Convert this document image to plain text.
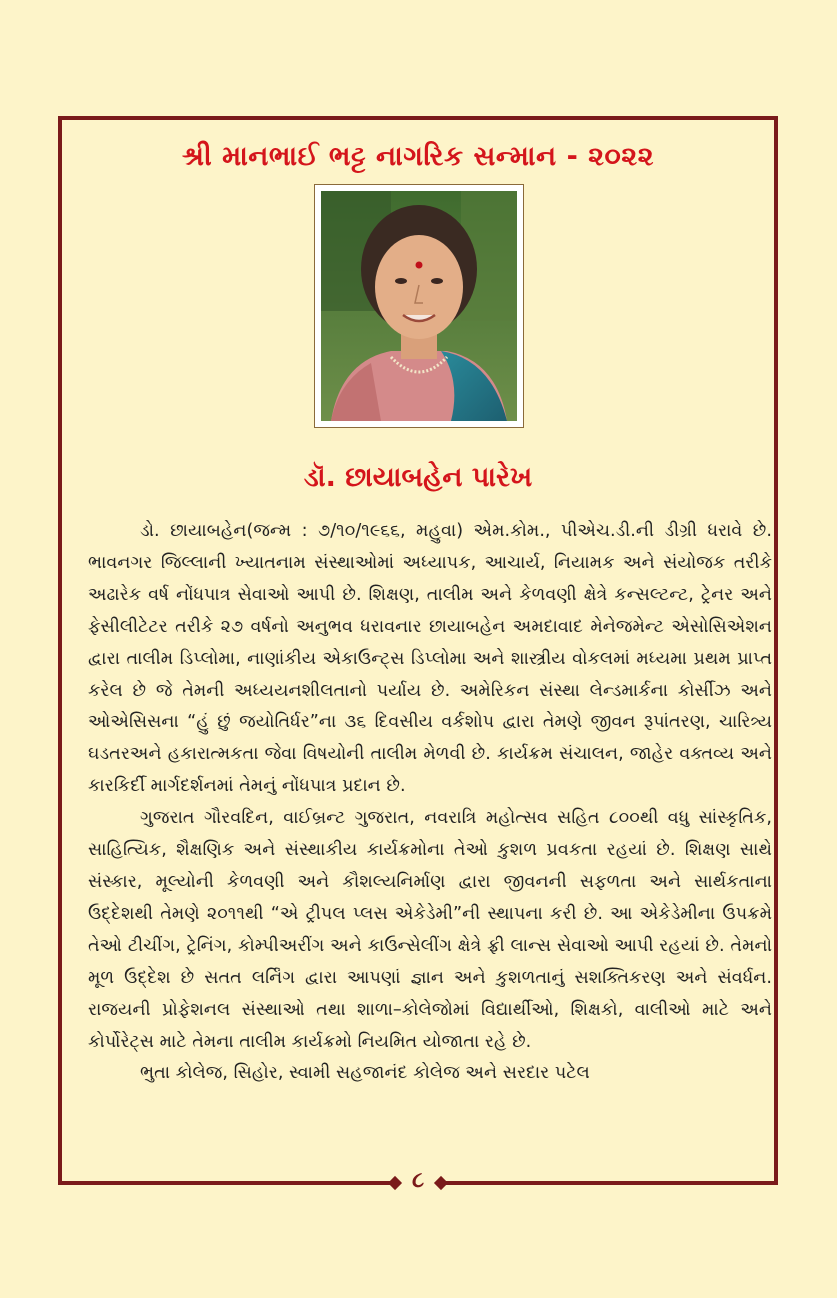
શ્રી માનભાઈ ભટ્ટ નાગરિક સન્માન - ૨૦૨૨
ડૉ. છાયાબહેન પારેખ

ડો. છાયાબહેન(જન્મ : ૭/૧૦/૧૯૬૬, મહુવા) એમ.કોમ., પીએચ.ડી.ની ડીગ્રી ધરાવે છે. ભાવનગર જિલ્લાની ખ્યાતનામ સંસ્થાઓમાં અધ્યાપક, આચાર્ય, નિયામક અને સંયોજક તરીકે અઢારેક વર્ષ નોંધપાત્ર સેવાઓ આપી છે. શિક્ષણ, તાલીમ અને કેળવણી ક્ષેત્રે કન્સલ્ટન્ટ, ટ્રેનર અને ફેસીલીટેટર તરીકે ૨૭ વર્ષનો અનુભવ ધરાવનાર છાયાબહેન અમદાવાદ મેનેજમેન્ટ એસોસિએશન દ્વારા તાલીમ ડિપ્લોમા, નાણાંકીય એકાઉન્ટ્સ ડિપ્લોમા અને શાસ્ત્રીય વોકલમાં મધ્યમા પ્રથમ પ્રાપ્ત કરેલ છે જે તેમની અધ્યયનશીલતાનો પર્યાય છે. અમેરિકન સંસ્થા લેન્ડમાર્કના કોર્સીઝ અને ઓએસિસના “હું છું જયોતિર્ધર”ના ૩૬ દિવસીય વર્કશોપ દ્વારા તેમણે જીવન રૂપાંતરણ, ચારિત્ર્ય ઘડતરઅને હકારાત્મકતા જેવા વિષયોની તાલીમ મેળવી છે. કાર્યક્રમ સંચાલન, જાહેર વક્તવ્ય અને કારકિર્દી માર્ગદર્શનમાં તેમનું નોંધપાત્ર પ્રદાન છે.

ગુજરાત ગૌરવદિન, વાઈબ્રન્ટ ગુજરાત, નવરાત્રિ મહોત્સવ સહિત ૮૦૦થી વધુ સાંસ્કૃતિક, સાહિત્યિક, શૈક્ષણિક અને સંસ્થાકીય કાર્યક્રમોના તેઓ કુશળ પ્રવકતા રહયાં છે. શિક્ષણ સાથે સંસ્કાર, મૂલ્યોની કેળવણી અને કૌશલ્યનિર્માણ દ્વારા જીવનની સફળતા અને સાર્થકતાના ઉદ્દેશથી તેમણે ૨૦૧૧થી “એ ટ્રીપલ પ્લસ એકેડેમી”ની સ્થાપના કરી છે. આ એકેડેમીના ઉપક્રમે તેઓ ટીચીંગ, ટ્રેનિંગ, કોમ્પીઅરીંગ અને કાઉન્સેલીંગ ક્ષેત્રે ફ્રી લાન્સ સેવાઓ આપી રહયાં છે. તેમનો મૂળ ઉદ્દેશ છે સતત લર્નિંગ દ્વારા આપણાં જ્ઞાન અને કુશળતાનું સશક્તિકરણ અને સંવર્ધન. રાજયની પ્રોફેશનલ સંસ્થાઓ તથા શાળા–કોલેજોમાં વિદ્યાર્થીઓ, શિક્ષકો, વાલીઓ માટે અને કોર્પોરેટ્સ માટે તેમના તાલીમ કાર્યક્રમો નિયમિત યોજાતા રહે છે.

ભુતા કોલેજ, સિહોર, સ્વામી સહજાનંદ કોલેજ અને સરદાર પટેલ

૮
